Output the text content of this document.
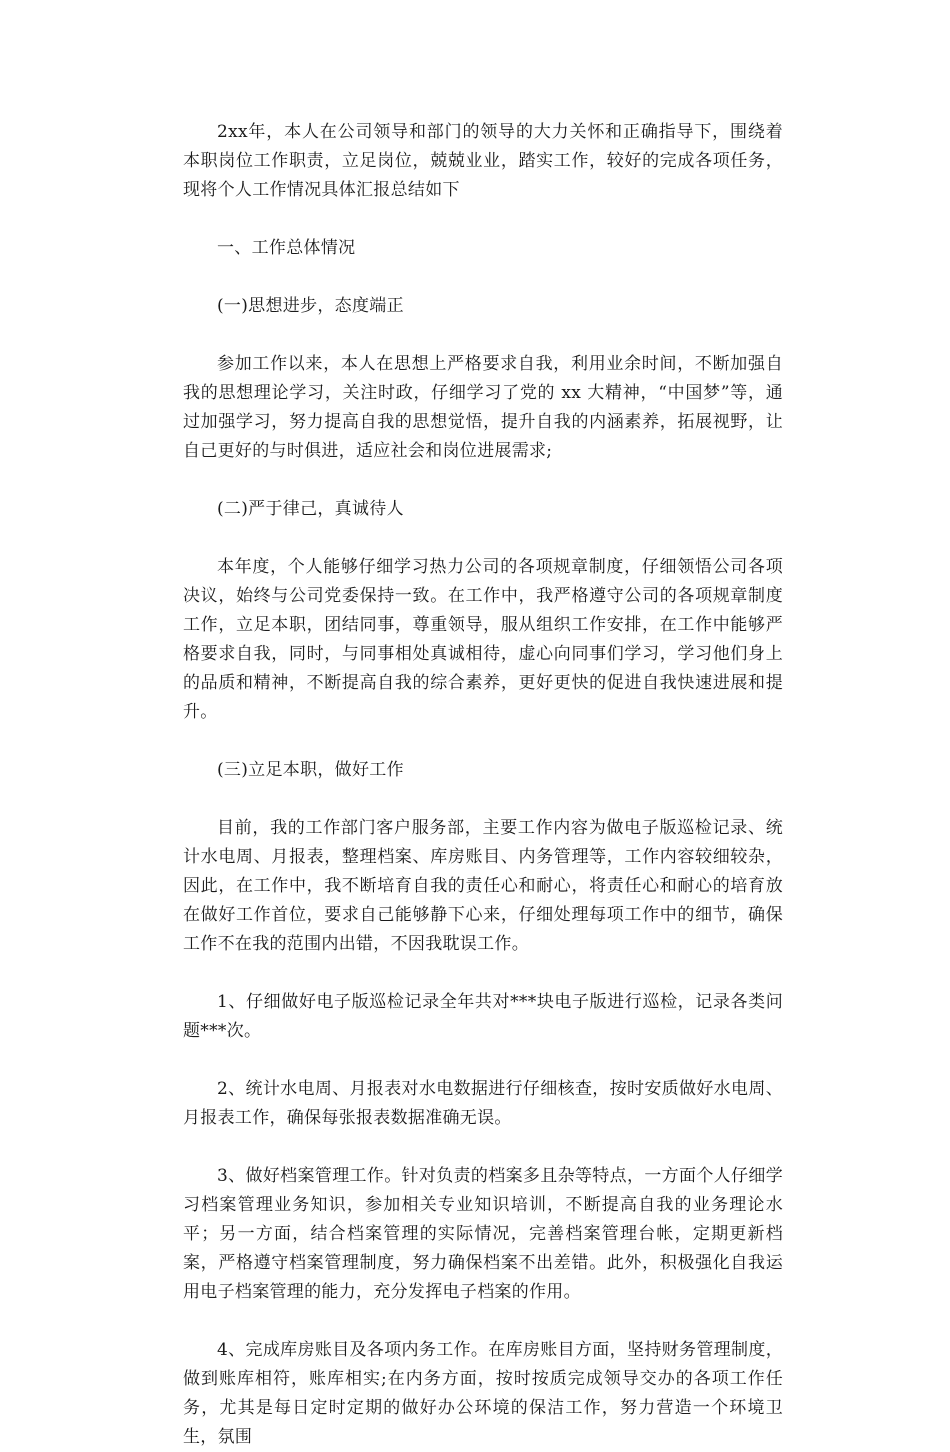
2xx年，本人在公司领导和部门的领导的大力关怀和正确指导下，围绕着本职岗位工作职责，立足岗位，兢兢业业，踏实工作，较好的完成各项任务，现将个人工作情况具体汇报总结如下

一、工作总体情况

(一)思想进步，态度端正

参加工作以来，本人在思想上严格要求自我，利用业余时间，不断加强自我的思想理论学习，关注时政，仔细学习了党的 xx 大精神，“中国梦”等，通过加强学习，努力提高自我的思想觉悟，提升自我的内涵素养，拓展视野，让自己更好的与时俱进，适应社会和岗位进展需求;

(二)严于律己，真诚待人

本年度，个人能够仔细学习热力公司的各项规章制度，仔细领悟公司各项决议，始终与公司党委保持一致。在工作中，我严格遵守公司的各项规章制度工作，立足本职，团结同事，尊重领导，服从组织工作安排，在工作中能够严格要求自我，同时，与同事相处真诚相待，虚心向同事们学习，学习他们身上的品质和精神，不断提高自我的综合素养，更好更快的促进自我快速进展和提升。

(三)立足本职，做好工作

目前，我的工作部门客户服务部，主要工作内容为做电子版巡检记录、统计水电周、月报表，整理档案、库房账目、内务管理等，工作内容较细较杂，因此，在工作中，我不断培育自我的责任心和耐心，将责任心和耐心的培育放在做好工作首位，要求自己能够静下心来，仔细处理每项工作中的细节，确保工作不在我的范围内出错，不因我耽误工作。

1、仔细做好电子版巡检记录全年共对***块电子版进行巡检，记录各类问题***次。

2、统计水电周、月报表对水电数据进行仔细核查，按时安质做好水电周、月报表工作，确保每张报表数据准确无误。

3、做好档案管理工作。针对负责的档案多且杂等特点，一方面个人仔细学习档案管理业务知识，参加相关专业知识培训，不断提高自我的业务理论水平；另一方面，结合档案管理的实际情况，完善档案管理台帐，定期更新档案，严格遵守档案管理制度，努力确保档案不出差错。此外，积极强化自我运用电子档案管理的能力，充分发挥电子档案的作用。

4、完成库房账目及各项内务工作。在库房账目方面，坚持财务管理制度，做到账库相符，账库相实;在内务方面，按时按质完成领导交办的各项工作任务，尤其是每日定时定期的做好办公环境的保洁工作，努力营造一个环境卫生，氛围
